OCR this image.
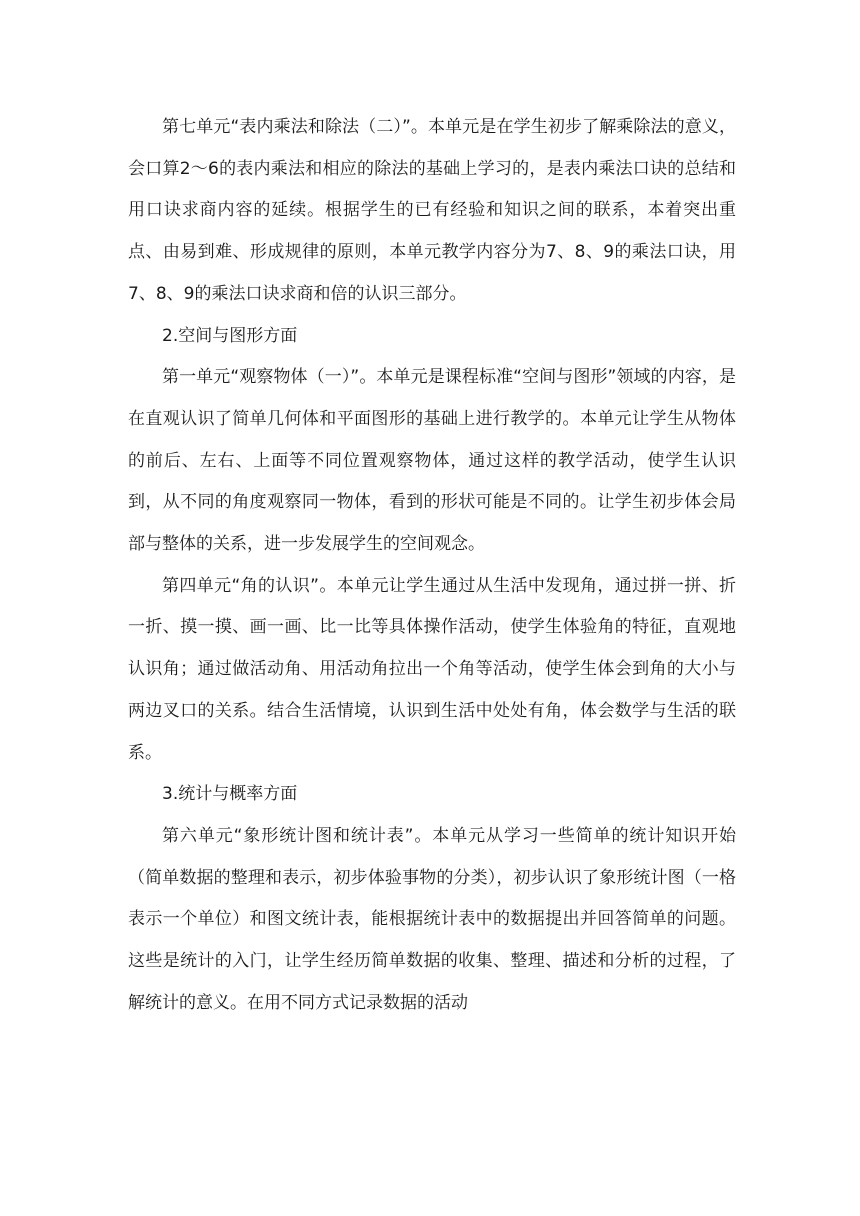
第七单元“表内乘法和除法（二）”。本单元是在学生初步了解乘除法的意义，会口算2～6的表内乘法和相应的除法的基础上学习的，是表内乘法口诀的总结和用口诀求商内容的延续。根据学生的已有经验和知识之间的联系，本着突出重点、由易到难、形成规律的原则，本单元教学内容分为7、8、9的乘法口诀，用7、8、9的乘法口诀求商和倍的认识三部分。

2.空间与图形方面

第一单元“观察物体（一）”。本单元是课程标准“空间与图形”领域的内容，是在直观认识了简单几何体和平面图形的基础上进行教学的。本单元让学生从物体的前后、左右、上面等不同位置观察物体，通过这样的教学活动，使学生认识到，从不同的角度观察同一物体，看到的形状可能是不同的。让学生初步体会局部与整体的关系，进一步发展学生的空间观念。

第四单元“角的认识”。本单元让学生通过从生活中发现角，通过拼一拼、折一折、摸一摸、画一画、比一比等具体操作活动，使学生体验角的特征，直观地认识角；通过做活动角、用活动角拉出一个角等活动，使学生体会到角的大小与两边叉口的关系。结合生活情境，认识到生活中处处有角，体会数学与生活的联系。

3.统计与概率方面

第六单元“象形统计图和统计表”。本单元从学习一些简单的统计知识开始（简单数据的整理和表示，初步体验事物的分类），初步认识了象形统计图（一格表示一个单位）和图文统计表，能根据统计表中的数据提出并回答简单的问题。这些是统计的入门，让学生经历简单数据的收集、整理、描述和分析的过程，了解统计的意义。在用不同方式记录数据的活动
